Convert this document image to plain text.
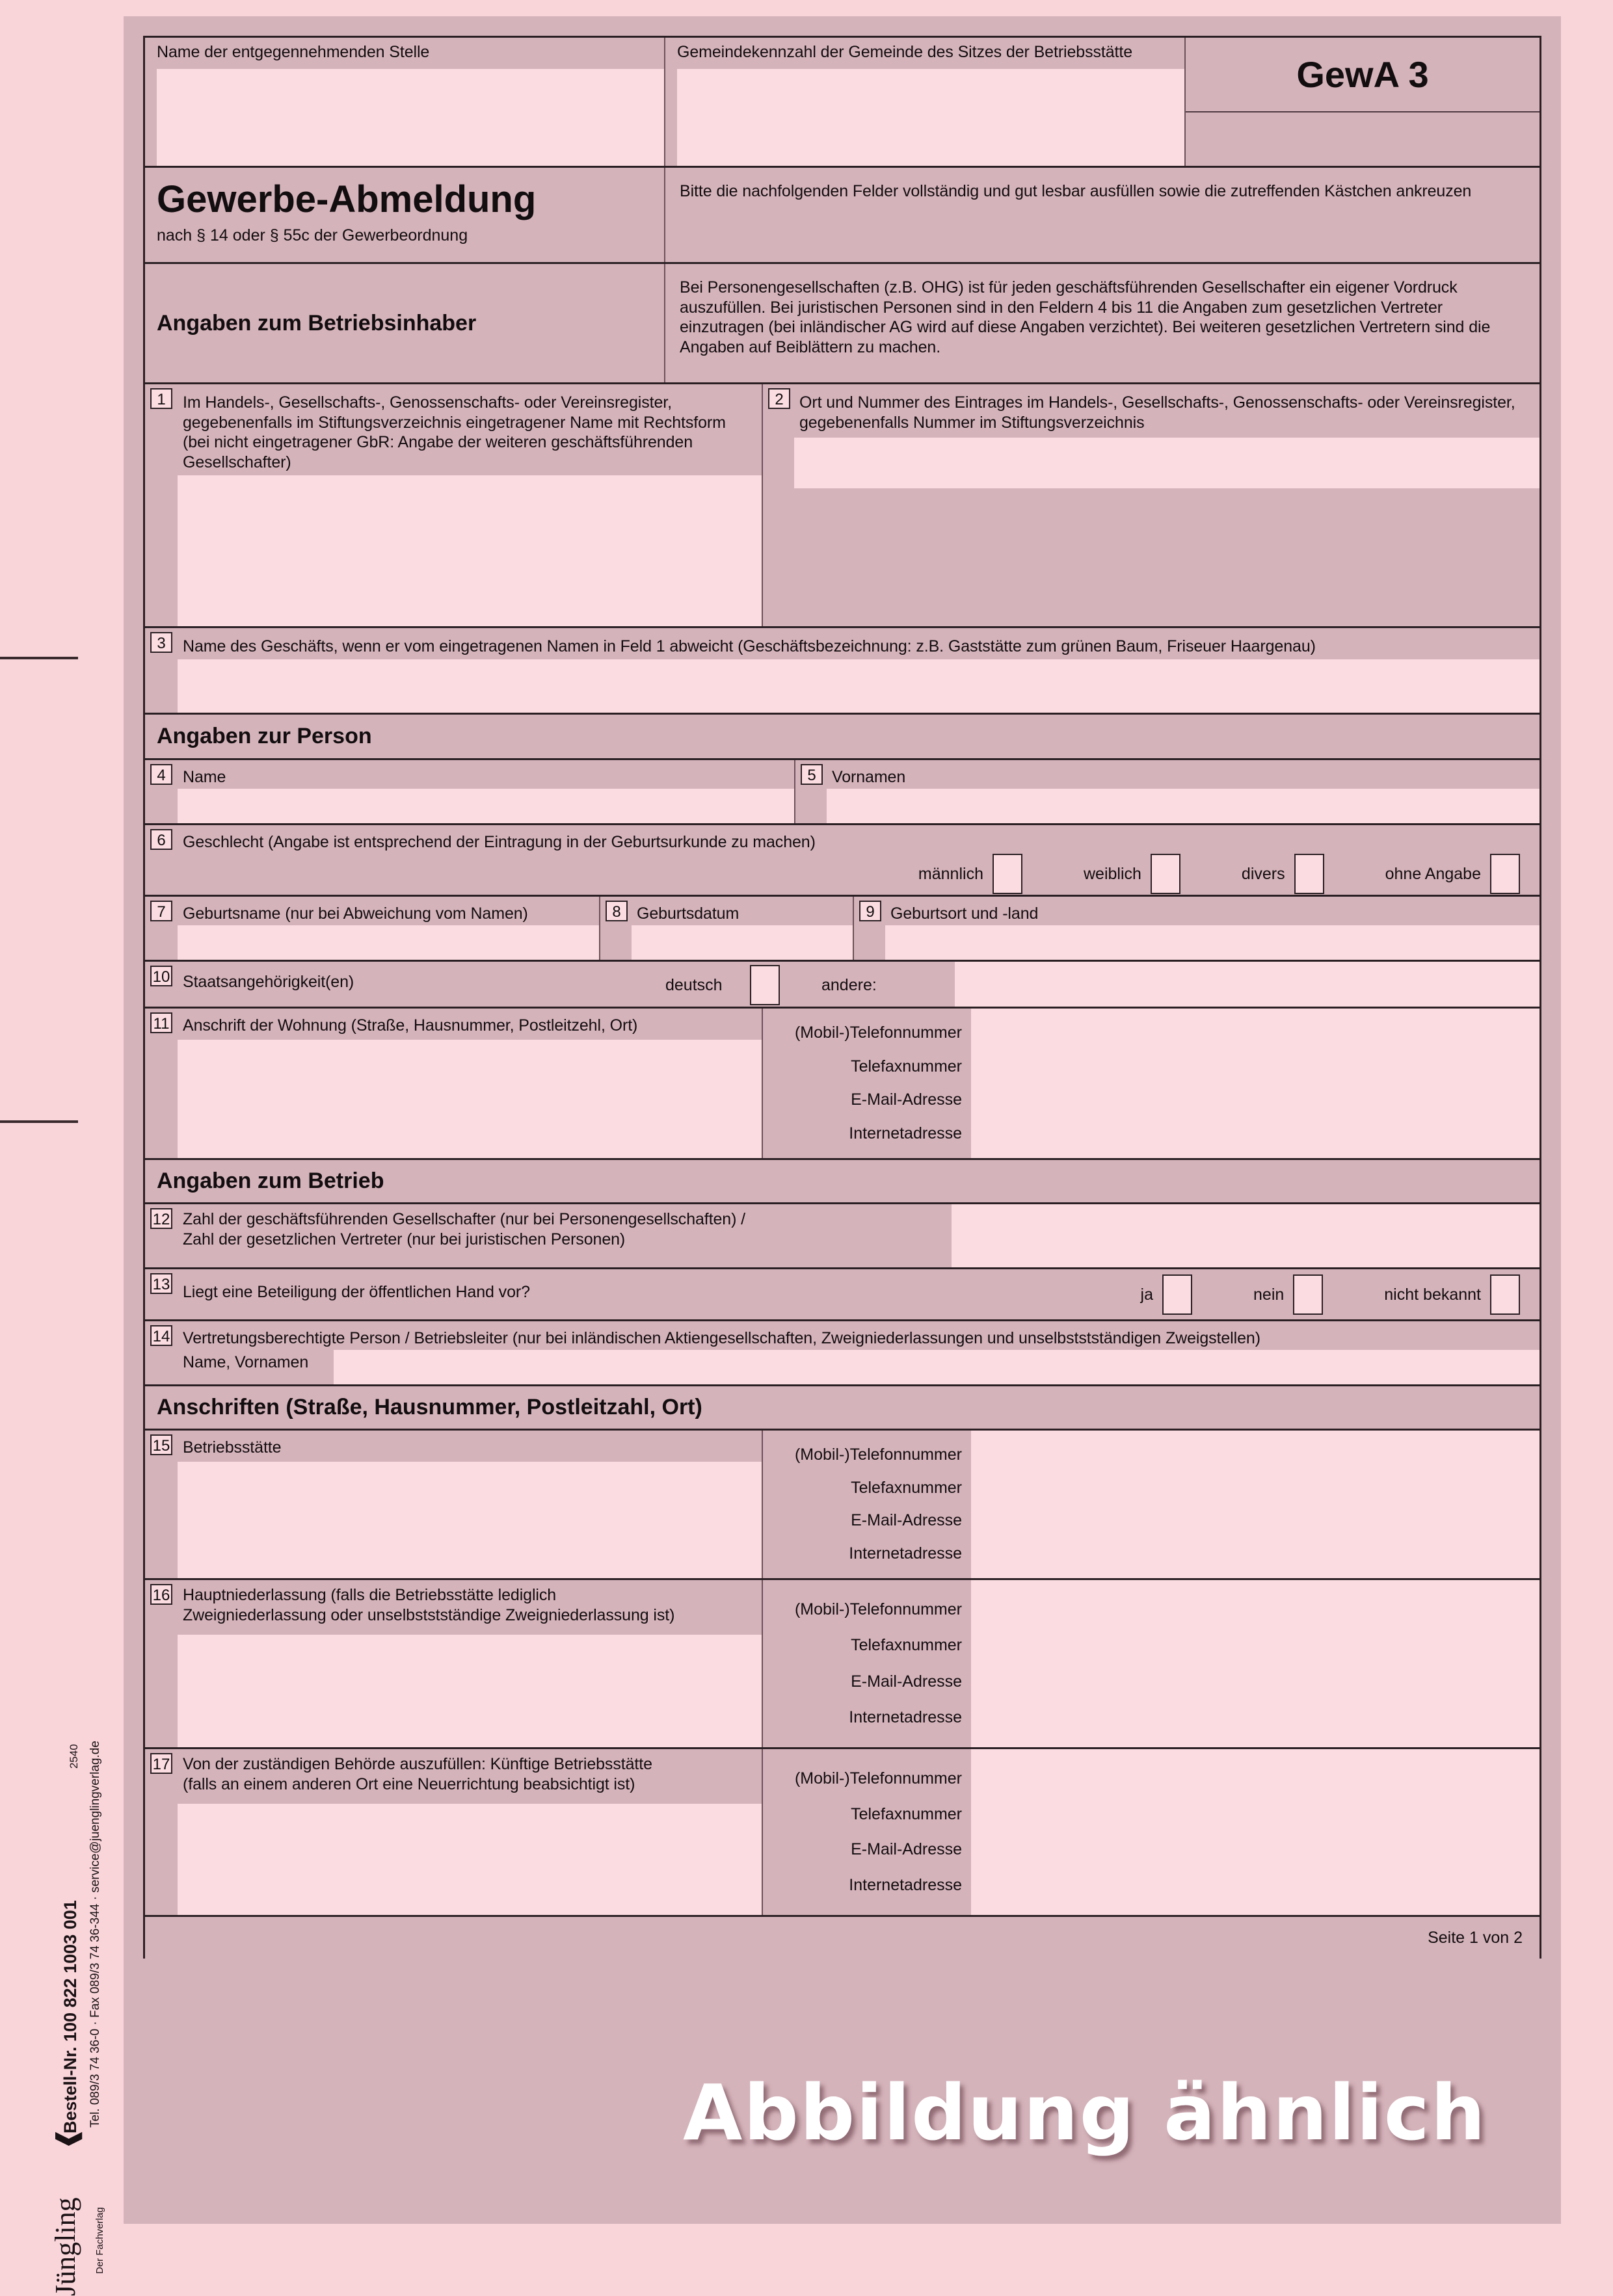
Name der entgegennehmenden Stelle	Gemeindekennzahl der Gemeinde des Sitzes der Betriebsstätte
GewA 3
Gewerbe-Abmeldung
nach § 14 oder § 55c der Gewerbeordnung
Bitte die nachfolgenden Felder vollständig und gut lesbar ausfüllen sowie die zutreffenden Kästchen ankreuzen
Angaben zum Betriebsinhaber
Bei Personengesellschaften (z.B. OHG) ist für jeden geschäftsführenden Gesellschafter ein eigener Vordruck auszufüllen. Bei juristischen Personen sind in den Feldern 4 bis 11 die Angaben zum gesetzlichen Vertreter einzutragen (bei inländischer AG wird auf diese Angaben verzichtet). Bei weiteren gesetzlichen Vertretern sind die Angaben auf Beiblättern zu machen.
1	Im Handels-, Gesellschafts-, Genossenschafts- oder Vereinsregister, gegebenenfalls im Stiftungsverzeichnis eingetragener Name mit Rechtsform (bei nicht eingetragener GbR: Angabe der weiteren geschäftsführenden Gesellschafter)
2 Ort und Nummer des Eintrages im Handels-, Gesellschafts-, Genossenschafts- oder Vereinsregister, gegebenenfalls Nummer im Stiftungsverzeichnis
3	Name des Geschäfts, wenn er vom eingetragenen Namen in Feld 1 abweicht (Geschäftsbezeichnung: z.B. Gaststätte zum grünen Baum, Friseuer Haargenau)
Angaben zur Person
4	Name	5 Vornamen
6	Geschlecht (Angabe ist entsprechend der Eintragung in der Geburtsurkunde zu machen)
männlich	weiblich	divers	ohne Angabe
7	Geburtsname (nur bei Abweichung vom Namen)	8 Geburtsdatum	9 Geburtsort und -land
10 Staatsangehörigkeit(en)	deutsch	andere:
11 Anschrift der Wohnung (Straße, Hausnummer, Postleitzehl, Ort)	(Mobil-)Telefonnummer
Telefaxnummer
E-Mail-Adresse
Internetadresse
Angaben zum Betrieb
12 Zahl der geschäftsführenden Gesellschafter (nur bei Personengesellschaften) /
Zahl der gesetzlichen Vertreter (nur bei juristischen Personen)
13 Liegt eine Beteiligung der öffentlichen Hand vor?	ja	nein	nicht bekannt
14 Vertretungsberechtigte Person / Betriebsleiter (nur bei inländischen Aktiengesellschaften, Zweigniederlassungen und unselbststständigen Zweigstellen)
Name, Vornamen
Anschriften (Straße, Hausnummer, Postleitzahl, Ort)
15 Betriebsstätte	(Mobil-)Telefonnummer
Telefaxnummer
E-Mail-Adresse
Internetadresse
16 Hauptniederlassung (falls die Betriebsstätte lediglich
Zweigniederlassung oder unselbststständige Zweigniederlassung ist)	(Mobil-)Telefonnummer
Telefaxnummer
E-Mail-Adresse
Internetadresse
17 Von der zuständigen Behörde auszufüllen: Künftige Betriebsstätte
(falls an einem anderen Ort eine Neuerrichtung beabsichtigt ist)	(Mobil-)Telefonnummer
Telefaxnummer
E-Mail-Adresse
Internetadresse
Seite 1 von 2
Jüngling
❰
Der Fachverlag
Bestell-Nr. 100 822 1003 001 Tel. 089/3 74 36-0 · Fax 089/3 74 36-344 · service@juenglingverlag.de
2540
Abbildung ähnlich
